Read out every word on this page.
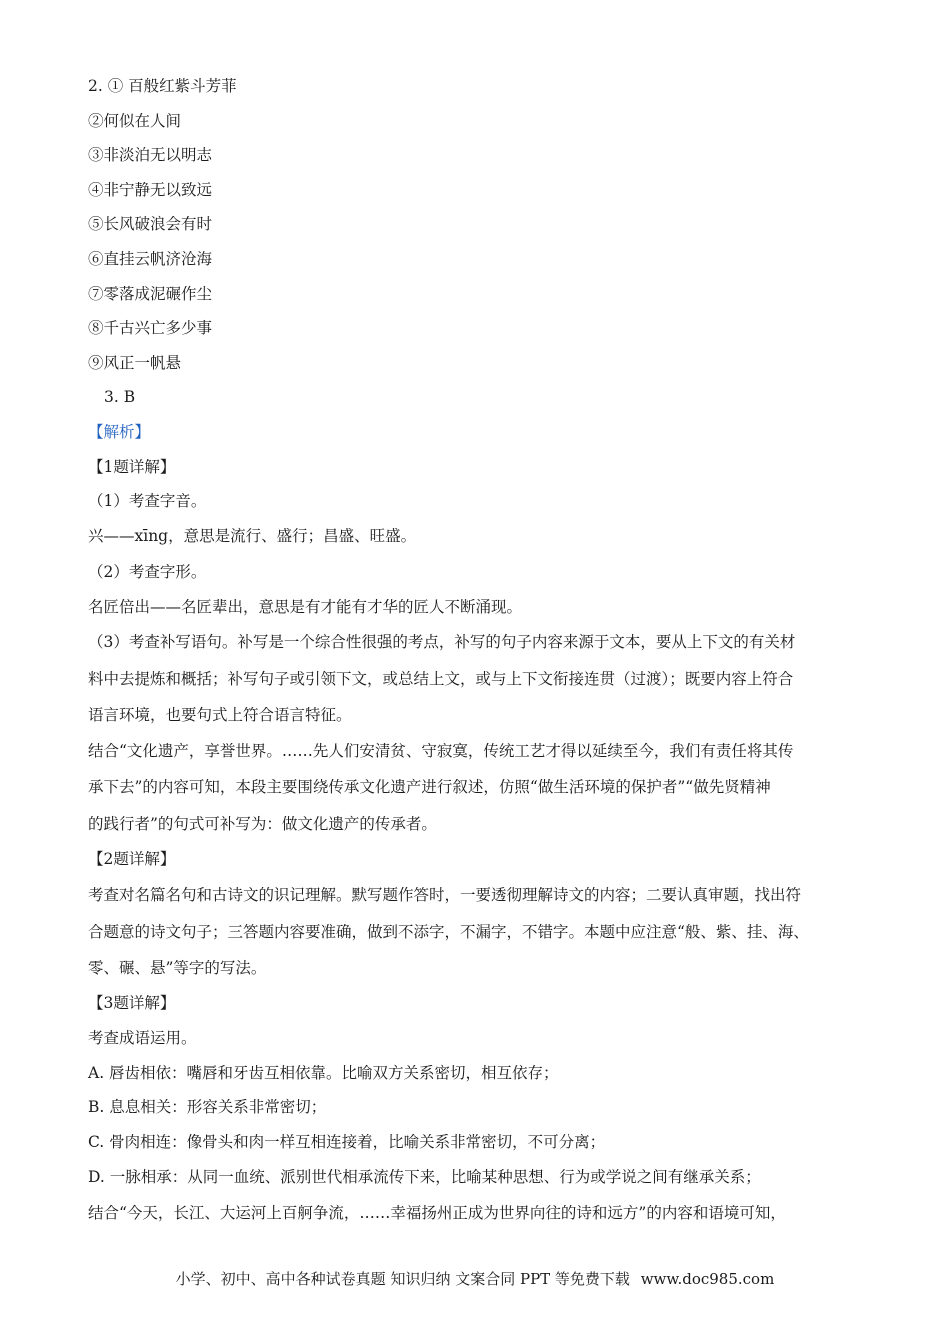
2. ① 百般红紫斗芳菲
②何似在人间
③非淡泊无以明志
④非宁静无以致远
⑤长风破浪会有时
⑥直挂云帆济沧海
⑦零落成泥碾作尘
⑧千古兴亡多少事
⑨风正一帆悬
3. B
【解析】
【1题详解】
（1）考查字音。
兴——xīng，意思是流行、盛行；昌盛、旺盛。
（2）考查字形。
名匠倍出——名匠辈出，意思是有才能有才华的匠人不断涌现。
（3）考查补写语句。补写是一个综合性很强的考点，补写的句子内容来源于文本，要从上下文的有关材
料中去提炼和概括；补写句子或引领下文，或总结上文，或与上下文衔接连贯（过渡）；既要内容上符合
语言环境，也要句式上符合语言特征。
结合“文化遗产，享誉世界。……先人们安清贫、守寂寞，传统工艺才得以延续至今，我们有责任将其传
承下去”的内容可知，本段主要围绕传承文化遗产进行叙述，仿照“做生活环境的保护者”“做先贤精神
的践行者”的句式可补写为：做文化遗产的传承者。
【2题详解】
考查对名篇名句和古诗文的识记理解。默写题作答时，一要透彻理解诗文的内容；二要认真审题，找出符
合题意的诗文句子；三答题内容要准确，做到不添字，不漏字，不错字。本题中应注意“般、紫、挂、海、
零、碾、悬”等字的写法。
【3题详解】
考查成语运用。
A. 唇齿相依：嘴唇和牙齿互相依靠。比喻双方关系密切，相互依存；
B. 息息相关：形容关系非常密切；
C. 骨肉相连：像骨头和肉一样互相连接着，比喻关系非常密切，不可分离；
D. 一脉相承：从同一血统、派别世代相承流传下来，比喻某种思想、行为或学说之间有继承关系；
结合“今天，长江、大运河上百舸争流，……幸福扬州正成为世界向往的诗和远方”的内容和语境可知，
小学、初中、高中各种试卷真题 知识归纳 文案合同 PPT 等免费下载 www.doc985.com
